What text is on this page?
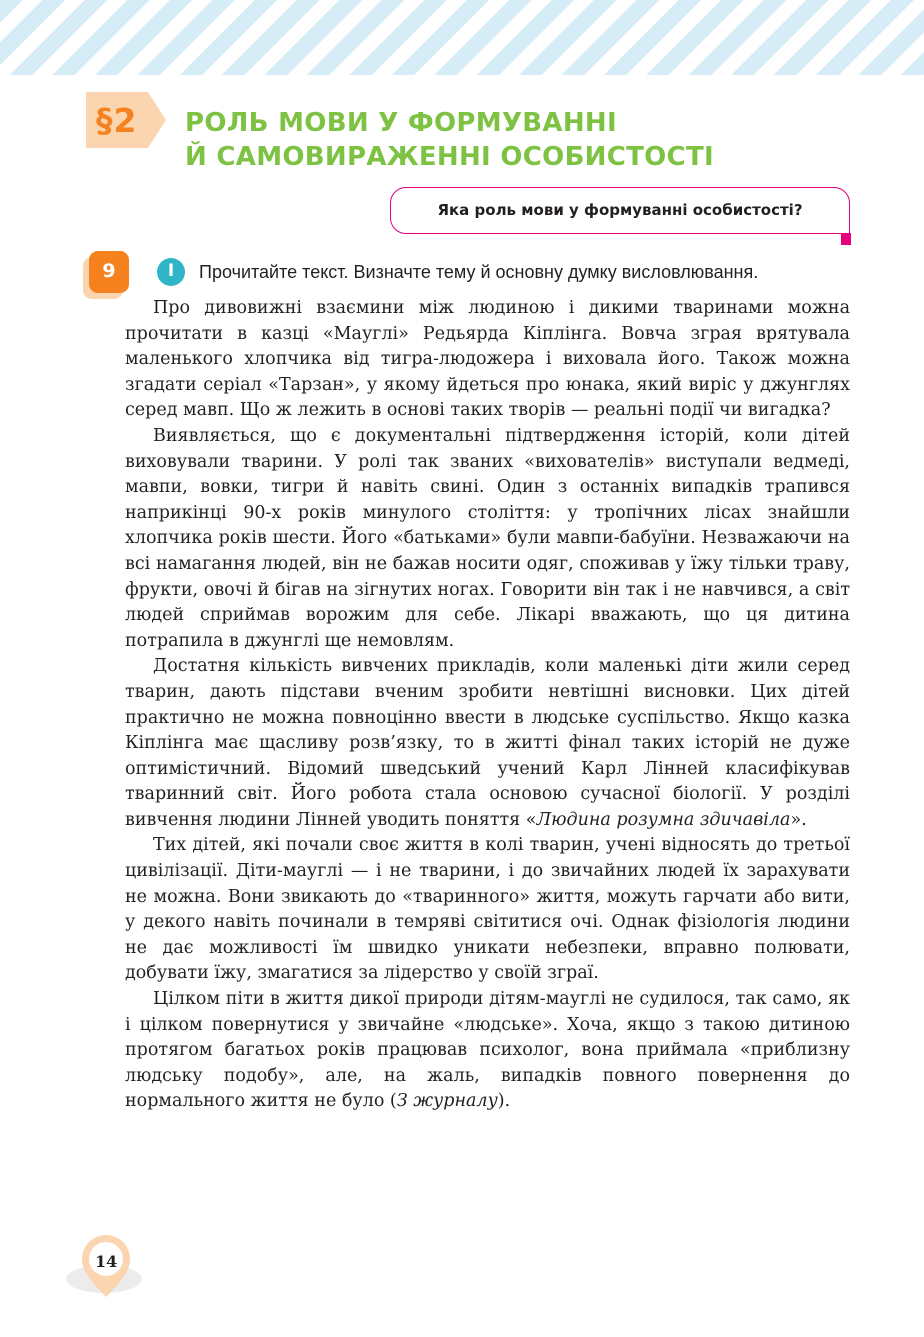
§2 РОЛЬ МОВИ У ФОРМУВАННІ
Й САМОВИРАЖЕННІ ОСОБИСТОСТІ
Яка роль мови у формуванні особистості?
9	I	Прочитайте текст. Визначте тему й основну думку висловлювання.

Про дивовижні взаємини між людиною і дикими тваринами можна прочитати в казці «Мауглі» Редьярда Кіплінга. Вовча зграя врятувала маленького хлопчика від тигра-людожера і виховала його. Також можна згадати серіал «Тарзан», у якому йдеться про юнака, який виріс у джунглях серед мавп. Що ж лежить в основі таких творів — реальні події чи вигадка?

Виявляється, що є документальні підтвердження історій, коли дітей виховували тварини. У ролі так званих «вихователів» виступали ведмеді, мавпи, вовки, тигри й навіть свині. Один з останніх випадків трапився наприкінці 90-х років минулого століття: у тропічних лісах знайшли хлопчика років шести. Його «батьками» були мавпи-бабуїни. Незважаючи на всі намагання людей, він не бажав носити одяг, споживав у їжу тільки траву, фрукти, овочі й бігав на зігнутих ногах. Говорити він так і не навчився, а світ людей сприймав ворожим для себе. Лікарі вважають, що ця дитина потрапила в джунглі ще немовлям.

Достатня кількість вивчених прикладів, коли маленькі діти жили серед тварин, дають підстави вченим зробити невтішні висновки. Цих дітей практично не можна повноцінно ввести в людське суспільство. Якщо казка Кіплінга має щасливу розв’язку, то в житті фінал таких історій не дуже оптимістичний. Відомий шведський учений Карл Лінней класифікував тваринний світ. Його робота стала основою сучасної біології. У розділі вивчення людини Лінней уводить поняття «Людина розумна здичавіла».

Тих дітей, які почали своє життя в колі тварин, учені відносять до третьої цивілізації. Діти-мауглі — і не тварини, і до звичайних людей їх зарахувати не можна. Вони звикають до «тваринного» життя, можуть гарчати або вити, у декого навіть починали в темряві світитися очі. Однак фізіологія людини не дає можливості їм швидко уникати небезпеки, вправно полювати, добувати їжу, змагатися за лідерство у своїй зграї.

Цілком піти в життя дикої природи дітям-мауглі не судилося, так само, як і цілком повернутися у звичайне «людське». Хоча, якщо з такою дитиною протягом багатьох років працював психолог, вона приймала «приблизну людську подобу», але, на жаль, випадків повного повернення до нормального життя не було (З журналу).

14
